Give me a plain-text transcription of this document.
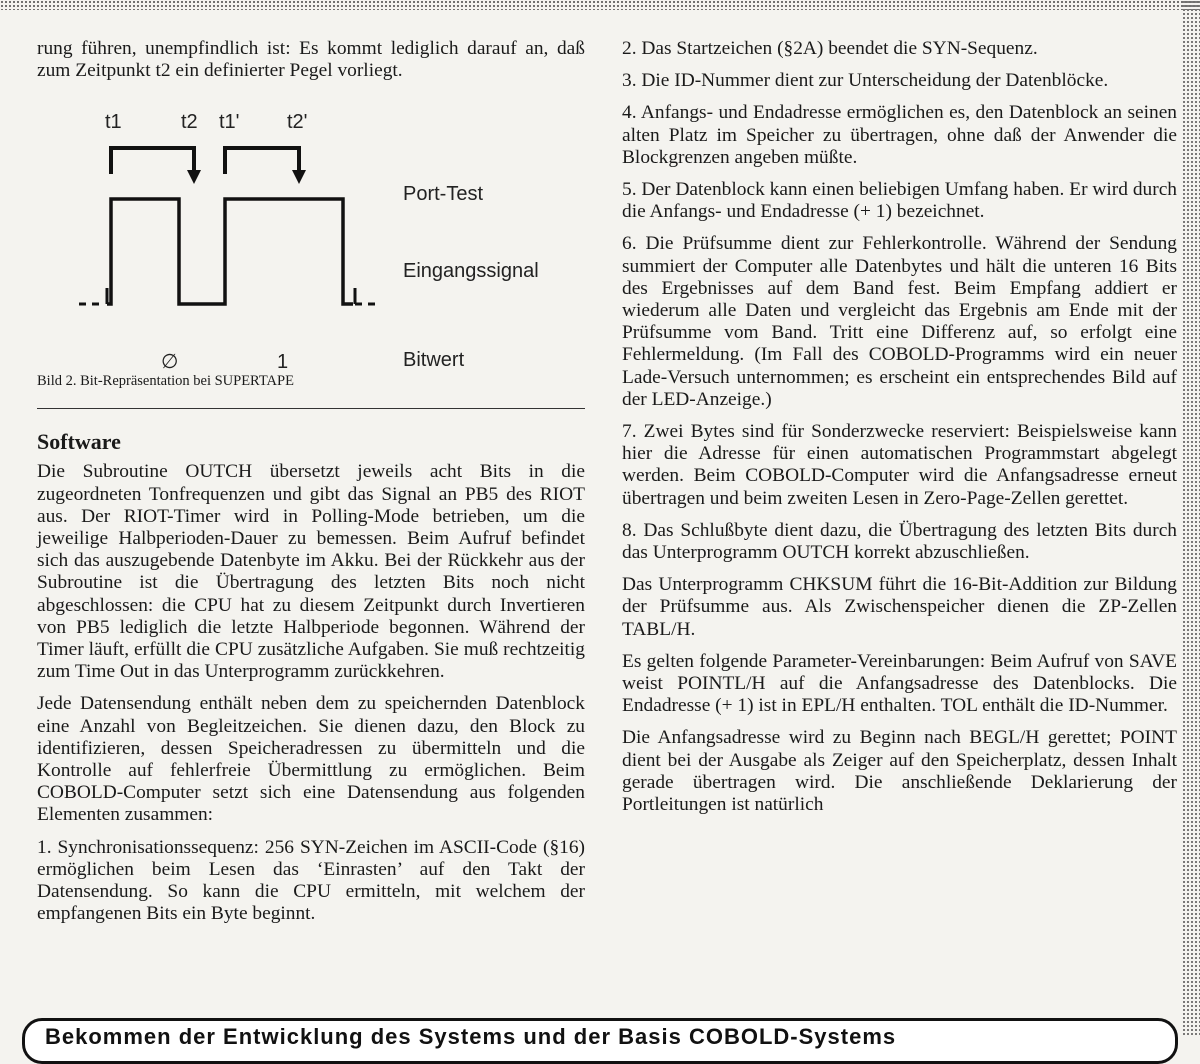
rung führen, unempfindlich ist: Es kommt lediglich darauf an, daß zum Zeitpunkt t2 ein definierter Pegel vorliegt.

t1	t2 t1' t2'
Port-Test
Eingangssignal
Bitwert
∅	1

Bild 2. Bit-Repräsentation bei SUPERTAPE

Software

Die Subroutine OUTCH übersetzt jeweils acht Bits in die zugeordneten Tonfrequenzen und gibt das Signal an PB5 des RIOT aus. Der RIOT-Timer wird in Polling-Mode betrieben, um die jeweilige Halbperioden-Dauer zu bemessen. Beim Aufruf befindet sich das auszugebende Datenbyte im Akku. Bei der Rückkehr aus der Subroutine ist die Übertragung des letzten Bits noch nicht abgeschlossen: die CPU hat zu diesem Zeitpunkt durch Invertieren von PB5 lediglich die letzte Halbperiode begonnen. Während der Timer läuft, erfüllt die CPU zusätzliche Aufgaben. Sie muß rechtzeitig zum Time Out in das Unterprogramm zurückkehren.

Jede Datensendung enthält neben dem zu speichernden Datenblock eine Anzahl von Begleitzeichen. Sie dienen dazu, den Block zu identifizieren, dessen Speicheradressen zu übermitteln und die Kontrolle auf fehlerfreie Übermittlung zu ermöglichen. Beim COBOLD-Computer setzt sich eine Datensendung aus folgenden Elementen zusammen:

1. Synchronisationssequenz: 256 SYN-Zeichen im ASCII-Code (§16) ermöglichen beim Lesen das ‘Einrasten’ auf den Takt der Datensendung. So kann die CPU ermitteln, mit welchem der empfangenen Bits ein Byte beginnt.

2. Das Startzeichen (§2A) beendet die SYN-Sequenz.

3. Die ID-Nummer dient zur Unterscheidung der Datenblöcke.

4. Anfangs- und Endadresse ermöglichen es, den Datenblock an seinen alten Platz im Speicher zu übertragen, ohne daß der Anwender die Blockgrenzen angeben müßte.

5. Der Datenblock kann einen beliebigen Umfang haben. Er wird durch die Anfangs- und Endadresse (+ 1) bezeichnet.

6. Die Prüfsumme dient zur Fehlerkontrolle. Während der Sendung summiert der Computer alle Datenbytes und hält die unteren 16 Bits des Ergebnisses auf dem Band fest. Beim Empfang addiert er wiederum alle Daten und vergleicht das Ergebnis am Ende mit der Prüfsumme vom Band. Tritt eine Differenz auf, so erfolgt eine Fehlermeldung. (Im Fall des COBOLD-Programms wird ein neuer Lade-Versuch unternommen; es erscheint ein entsprechendes Bild auf der LED-Anzeige.)

7. Zwei Bytes sind für Sonderzwecke reserviert: Beispielsweise kann hier die Adresse für einen automatischen Programmstart abgelegt werden. Beim COBOLD-Computer wird die Anfangsadresse erneut übertragen und beim zweiten Lesen in Zero-Page-Zellen gerettet.

8. Das Schlußbyte dient dazu, die Übertragung des letzten Bits durch das Unterprogramm OUTCH korrekt abzuschließen.

Das Unterprogramm CHKSUM führt die 16-Bit-Addition zur Bildung der Prüfsumme aus. Als Zwischenspeicher dienen die ZP-Zellen TABL/H.

Es gelten folgende Parameter-Vereinbarungen: Beim Aufruf von SAVE weist POINTL/H auf die Anfangsadresse des Datenblocks. Die Endadresse (+ 1) ist in EPL/H enthalten. TOL enthält die ID-Nummer.

Die Anfangsadresse wird zu Beginn nach BEGL/H gerettet; POINT dient bei der Ausgabe als Zeiger auf den Speicherplatz, dessen Inhalt gerade übertragen wird. Die anschließende Deklarierung der Portleitungen ist natürlich

Bekommen der Entwicklung des Systems und der Basis COBOLD-Systems
